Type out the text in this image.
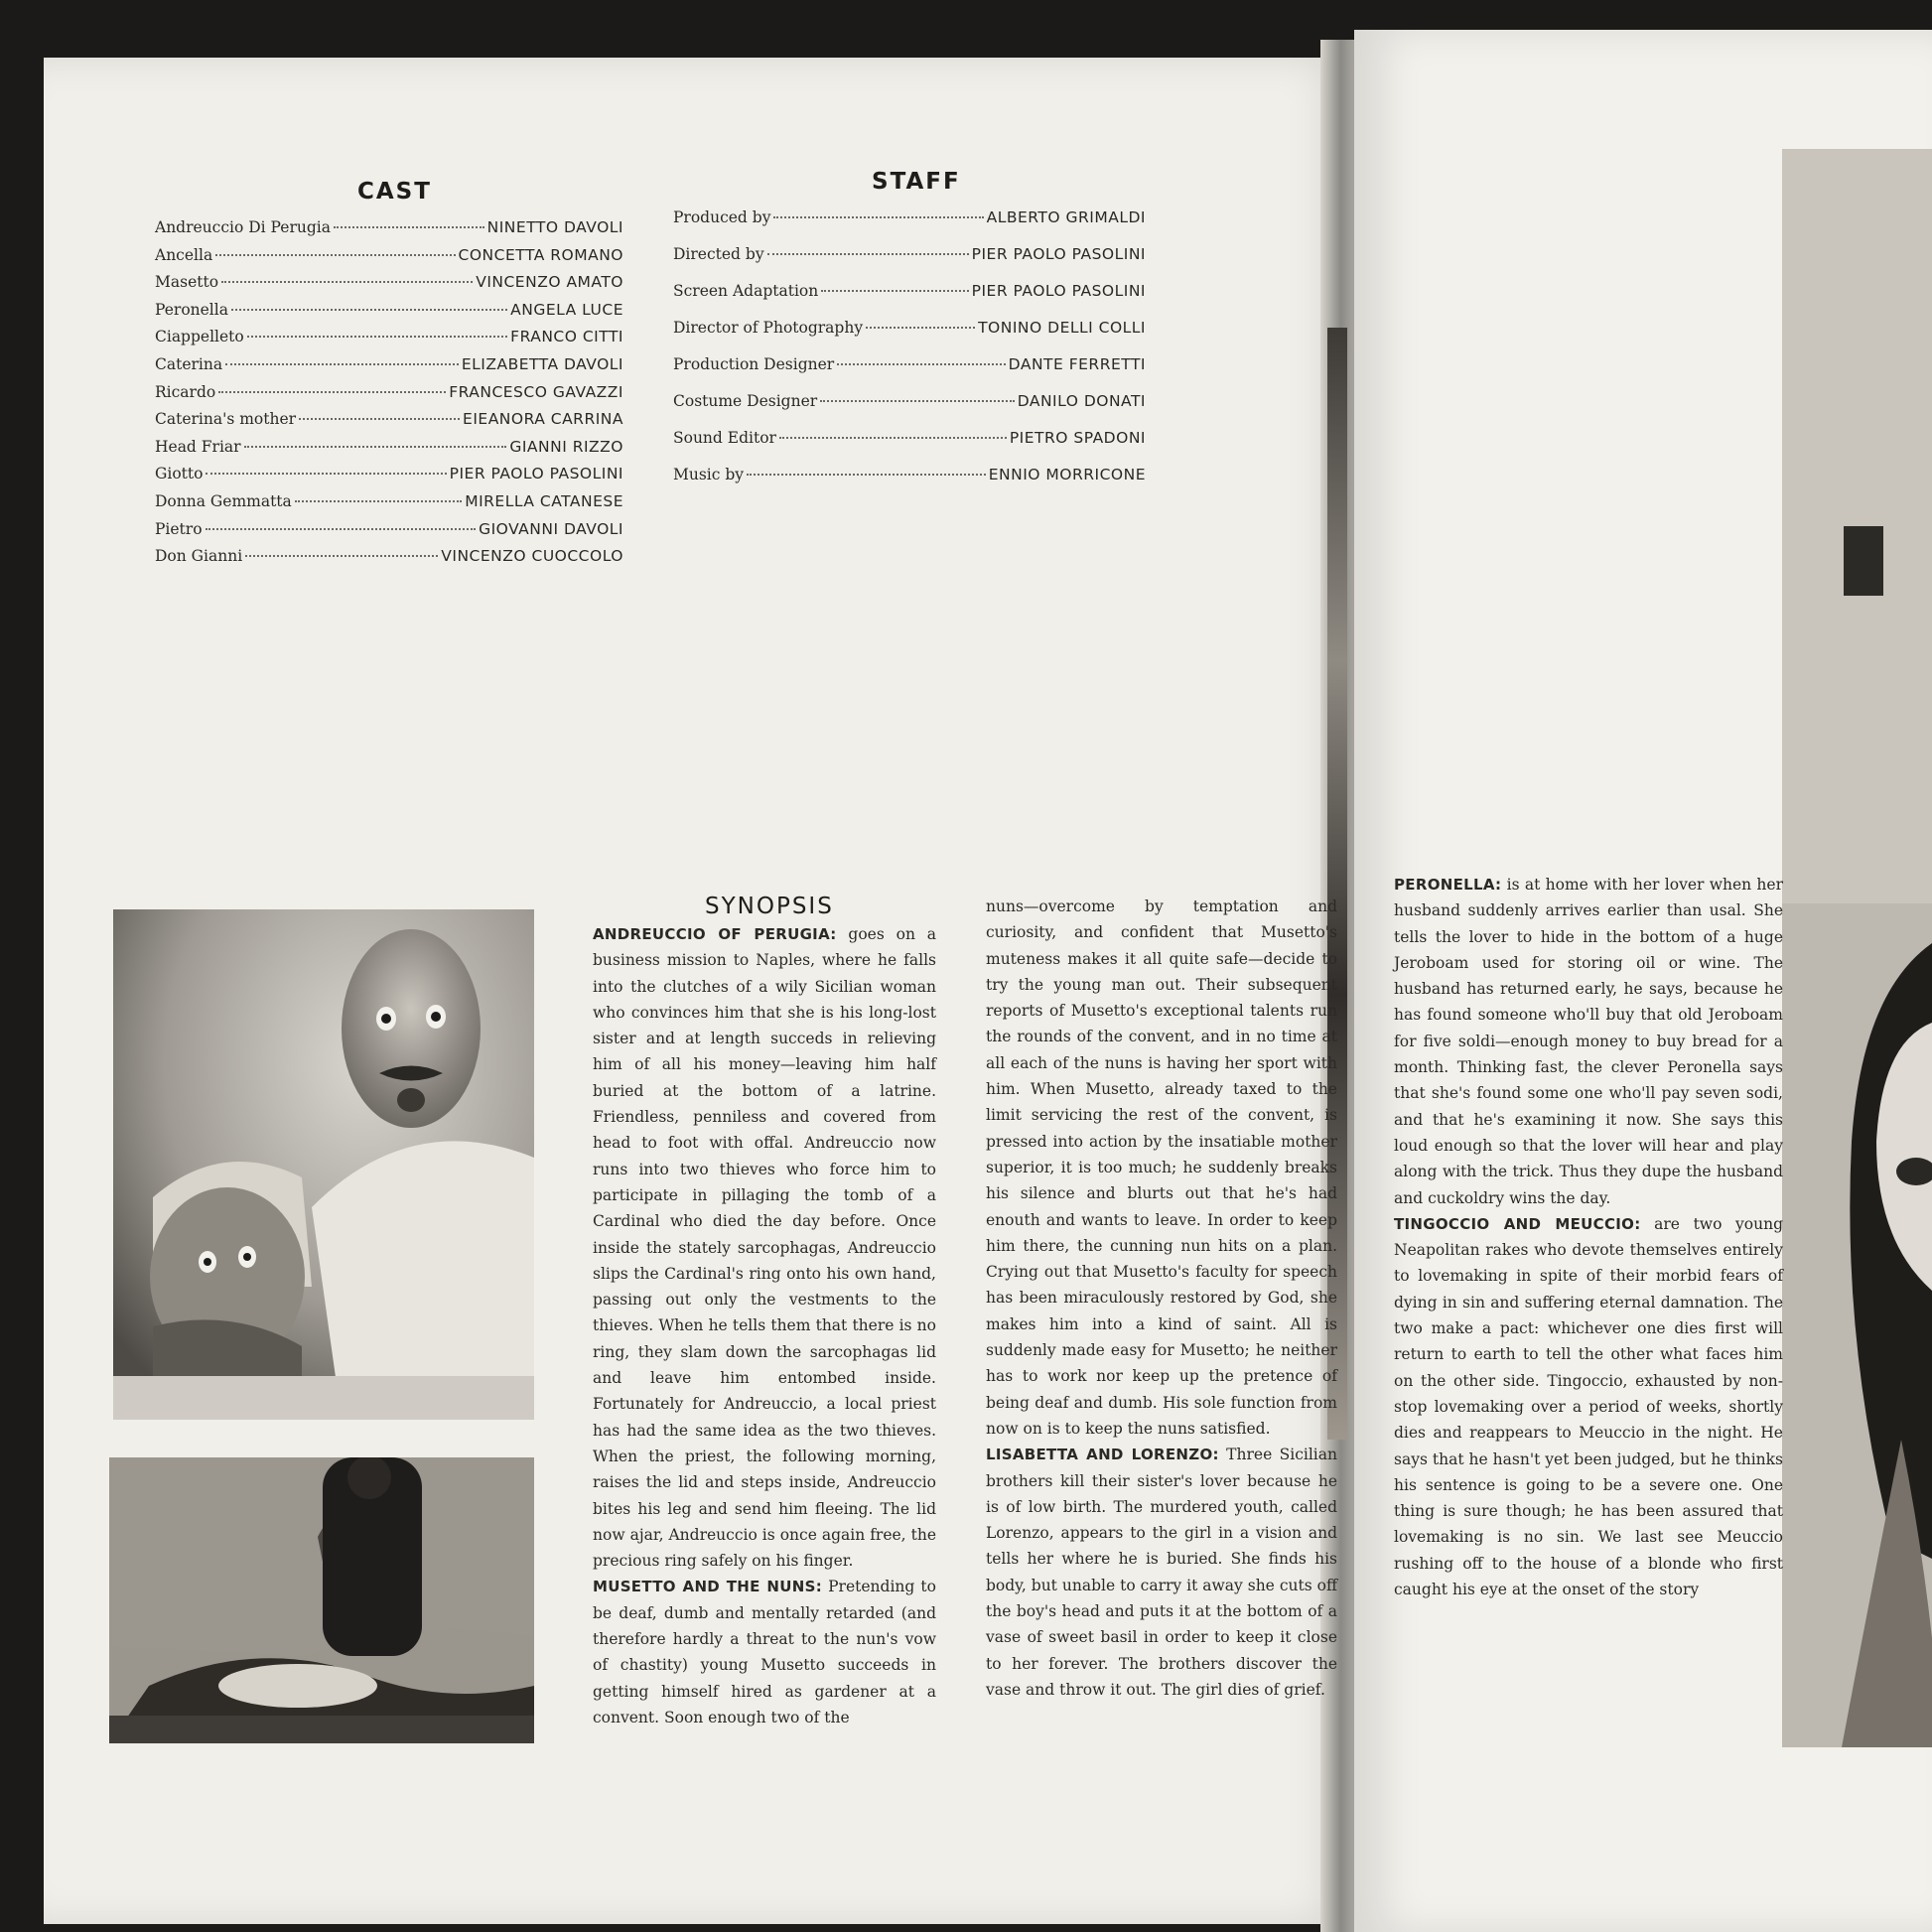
CAST
Andreuccio Di Perugia	NINETTO DAVOLI
Ancella	CONCETTA ROMANO
Masetto	VINCENZO AMATO
Peronella	ANGELA LUCE
Ciappelleto	FRANCO CITTI
Caterina	ELIZABETTA DAVOLI
Ricardo	FRANCESCO GAVAZZI
Caterina's mother	EIEANORA CARRINA
Head Friar	GIANNI RIZZO
Giotto	PIER PAOLO PASOLINI
Donna Gemmatta	MIRELLA CATANESE
Pietro	GIOVANNI DAVOLI
Don Gianni	VINCENZO CUOCCOLO
STAFF
Produced by	ALBERTO GRIMALDI
Directed by	PIER PAOLO PASOLINI
Screen Adaptation	PIER PAOLO PASOLINI
Director of Photography	TONINO DELLI COLLI
Production Designer	DANTE FERRETTI
Costume Designer	DANILO DONATI
Sound Editor	PIETRO SPADONI
Music by	ENNIO MORRICONE
SYNOPSIS

ANDREUCCIO OF PERUGIA: goes on a business mission to Naples, where he falls into the clutches of a wily Sicilian woman who convinces him that she is his long-lost sister and at length succeds in relieving him of all his money—leaving him half buried at the bottom of a latrine. Friendless, penniless and covered from head to foot with offal. Andreuccio now runs into two thieves who force him to participate in pillaging the tomb of a Cardinal who died the day before. Once inside the stately sarcophagas, Andreuccio slips the Cardinal's ring onto his own hand, passing out only the vestments to the thieves. When he tells them that there is no ring, they slam down the sarcophagas lid and leave him entombed inside. Fortunately for Andreuccio, a local priest has had the same idea as the two thieves. When the priest, the following morning, raises the lid and steps inside, Andreuccio bites his leg and send him fleeing. The lid now ajar, Andreuccio is once again free, the precious ring safely on his finger.

MUSETTO AND THE NUNS: Pretending to be deaf, dumb and mentally retarded (and therefore hardly a threat to the nun's vow of chastity) young Musetto succeeds in getting himself hired as gardener at a convent. Soon enough two of the

nuns—overcome by temptation and curiosity, and confident that Musetto's muteness makes it all quite safe—decide to try the young man out. Their subsequent reports of Musetto's exceptional talents run the rounds of the convent, and in no time at all each of the nuns is having her sport with him. When Musetto, already taxed to the limit servicing the rest of the convent, is pressed into action by the insatiable mother superior, it is too much; he suddenly breaks his silence and blurts out that he's had enouth and wants to leave. In order to keep him there, the cunning nun hits on a plan. Crying out that Musetto's faculty for speech has been miraculously restored by God, she makes him into a kind of saint. All is suddenly made easy for Musetto; he neither has to work nor keep up the pretence of being deaf and dumb. His sole function from now on is to keep the nuns satisfied.

LISABETTA AND LORENZO: Three Sicilian brothers kill their sister's lover because he is of low birth. The murdered youth, called Lorenzo, appears to the girl in a vision and tells her where he is buried. She finds his body, but unable to carry it away she cuts off the boy's head and puts it at the bottom of a vase of sweet basil in order to keep it close to her forever. The brothers discover the vase and throw it out. The girl dies of grief.

PERONELLA: is at home with her lover when her husband suddenly arrives earlier than usal. She tells the lover to hide in the bottom of a huge Jeroboam used for storing oil or wine. The husband has returned early, he says, because he has found someone who'll buy that old Jeroboam for five soldi—enough money to buy bread for a month. Thinking fast, the clever Peronella says that she's found some one who'll pay seven sodi, and that he's examining it now. She says this loud enough so that the lover will hear and play along with the trick. Thus they dupe the husband and cuckoldry wins the day.

TINGOCCIO AND MEUCCIO: are two young Neapolitan rakes who devote themselves entirely to lovemaking in spite of their morbid fears of dying in sin and suffering eternal damnation. The two make a pact: whichever one dies first will return to earth to tell the other what faces him on the other side. Tingoccio, exhausted by non-stop lovemaking over a period of weeks, shortly dies and reappears to Meuccio in the night. He says that he hasn't yet been judged, but he thinks his sentence is going to be a severe one. One thing is sure though; he has been assured that lovemaking is no sin. We last see Meuccio rushing off to the house of a blonde who first caught his eye at the onset of the story
